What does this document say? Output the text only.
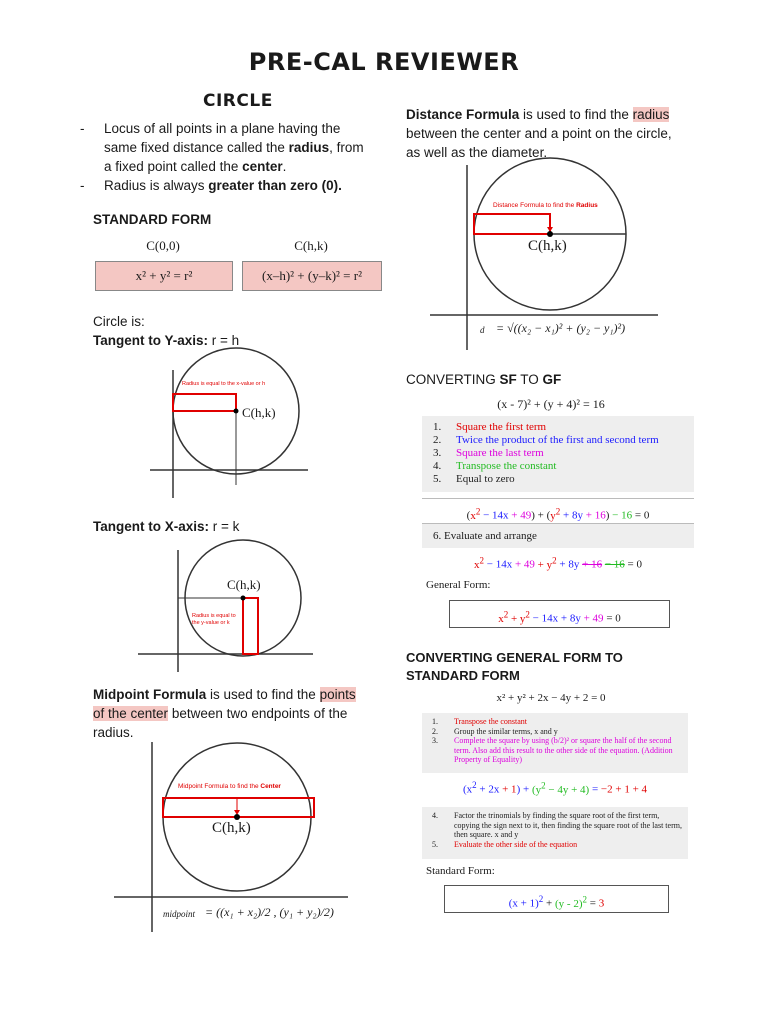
PRE-CAL REVIEWER
CIRCLE
- Locus of all points in a plane having the same fixed distance called the radius, from a fixed point called the center.
- Radius is always greater than zero (0).
STANDARD FORM
C(0,0)	C(h,k)
x² + y² = r²	(x–h)² + (y–k)² = r²
Circle is:
Tangent to Y-axis: r = h
Radius is equal to the x-value or h
C(h,k)
Tangent to X-axis: r = k
C(h,k)
Radius is equal to the y-value or k
Midpoint Formula is used to find the points of the center between two endpoints of the radius.
Midpoint Formula to find the Center
C(h,k)
midpoint = ((x₁ + x₂)/2 , (y₁ + y₂)/2)
Distance Formula is used to find the radius between the center and a point on the circle, as well as the diameter.
Distance Formula to find the Radius
C(h,k)
d = √((x₂ − x₁)² + (y₂ − y₁)²)
CONVERTING SF TO GF
(x - 7)² + (y + 4)² = 16
1.	Square the first term
2.	Twice the product of the first and second term
3.	Square the last term
4.	Transpose the constant
5.	Equal to zero
$(x^2 - 14x + 49) + (y^2 + 8y + 16) - 16 = 0$
6. Evaluate and arrange
$x^2 - 14x + 49 + y^2 + 8y + 16 - 16 = 0$
General Form:
$x^2 + y^2 - 14x + 8y + 49 = 0$
CONVERTING GENERAL FORM TO STANDARD FORM
x² + y² + 2x − 4y + 2 = 0
1.	Transpose the constant
2.	Group the similar terms, x and y
3.	Complete the square by using (b/2)² or square the half of the second term. Also add this result to the other side of the equation. (Addition Property of Equality)
$(x^2 + 2x + 1) + (y^2 - 4y + 4) = -2 + 1 + 4$
4.	Factor the trinomials by finding the square root of the first term, copying the sign next to it, then finding the square root of the last term, then square. x and y
5.	Evaluate the other side of the equation
Standard Form:
$(x + 1)^2 + (y - 2)^2 = 3$
